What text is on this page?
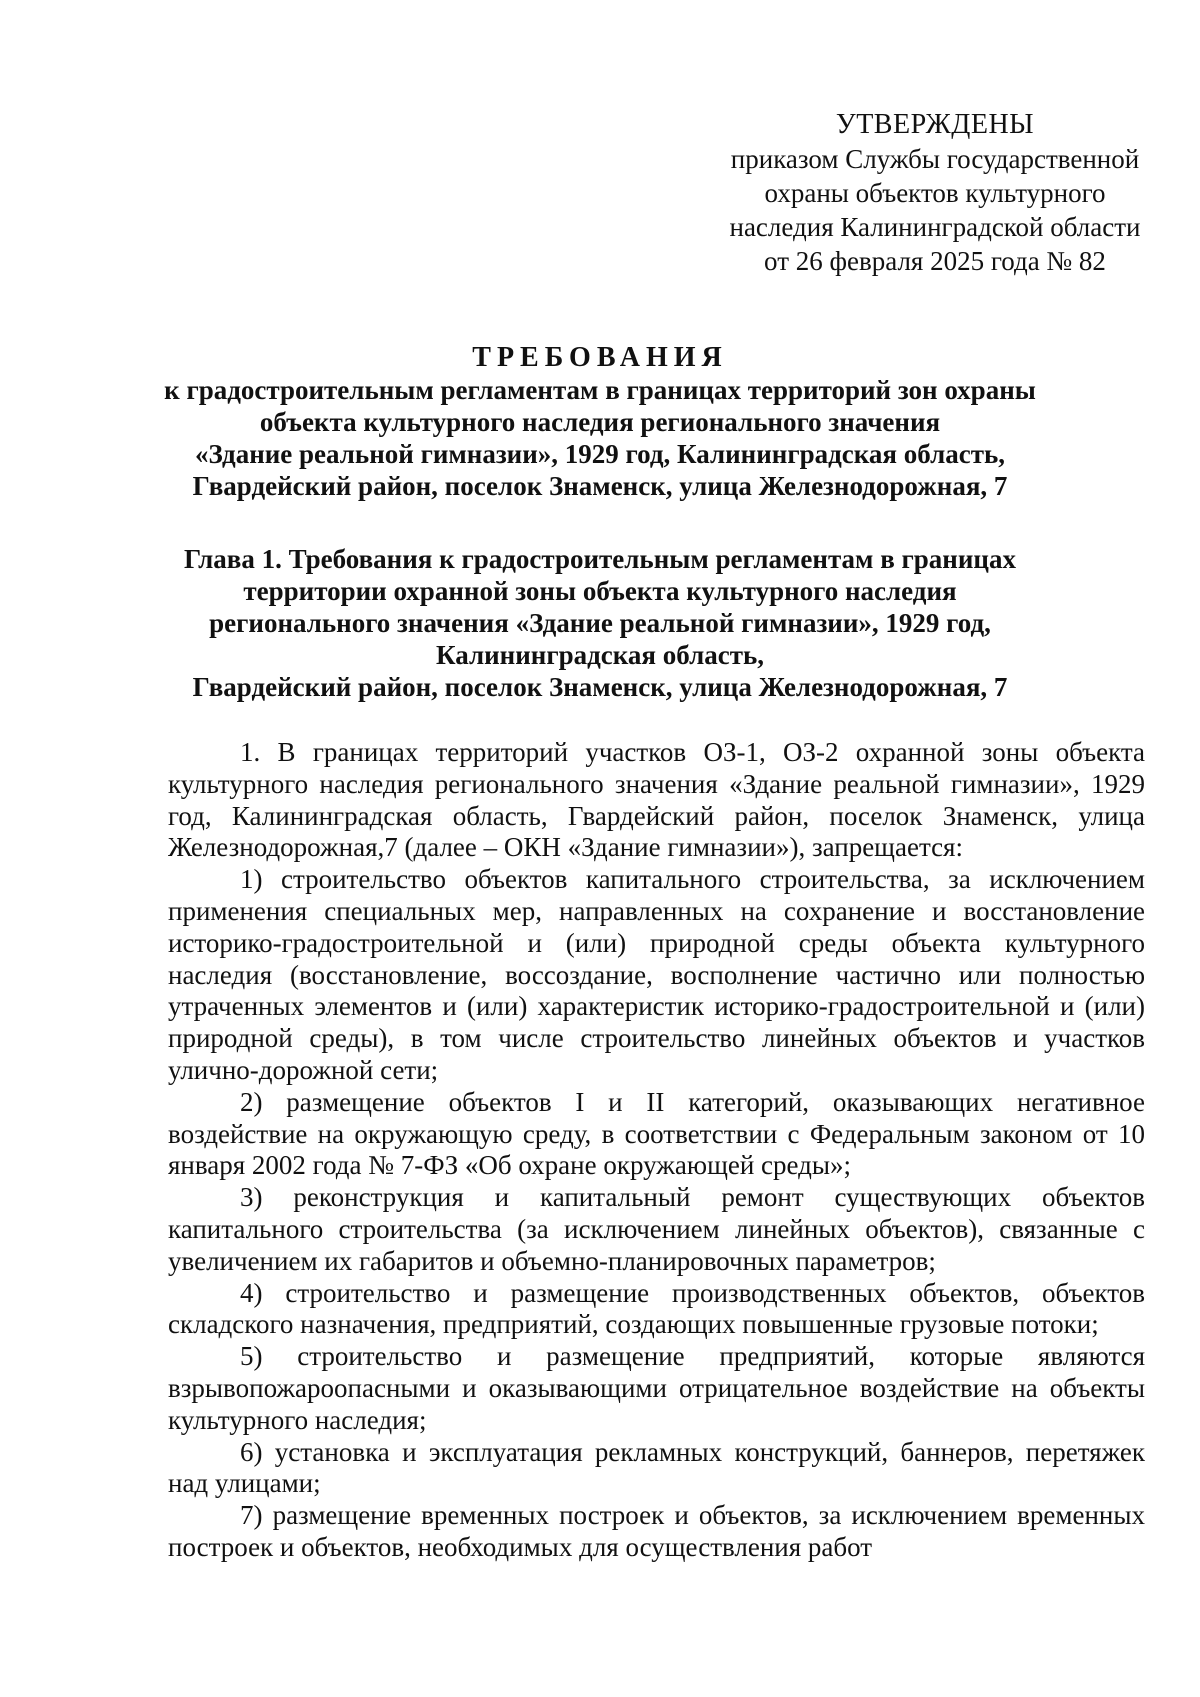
УТВЕРЖДЕНЫ
приказом Службы государственной
охраны объектов культурного
наследия Калининградской области
от 26 февраля 2025 года № 82
ТРЕБОВАНИЯ
к градостроительным регламентам в границах территорий зон охраны
объекта культурного наследия регионального значения
«Здание реальной гимназии», 1929 год, Калининградская область,
Гвардейский район, поселок Знаменск, улица Железнодорожная, 7
Глава 1. Требования к градостроительным регламентам в границах
территории охранной зоны объекта культурного наследия
регионального значения «Здание реальной гимназии», 1929 год,
Калининградская область,
Гвардейский район, поселок Знаменск, улица Железнодорожная, 7

1. В границах территорий участков ОЗ-1, ОЗ-2 охранной зоны объекта культурного наследия регионального значения «Здание реальной гимназии», 1929 год, Калининградская область, Гвардейский район, поселок Знаменск, улица Железнодорожная,7 (далее – ОКН «Здание гимназии»), запрещается:

1) строительство объектов капитального строительства, за исключением применения специальных мер, направленных на сохранение и восстановление историко-градостроительной и (или) природной среды объекта культурного наследия (восстановление, воссоздание, восполнение частично или полностью утраченных элементов и (или) характеристик историко-градостроительной и (или) природной среды), в том числе строительство линейных объектов и участков улично-дорожной сети;

2) размещение объектов I и II категорий, оказывающих негативное воздействие на окружающую среду, в соответствии с Федеральным законом от 10 января 2002 года № 7-ФЗ «Об охране окружающей среды»;

3) реконструкция и капитальный ремонт существующих объектов капитального строительства (за исключением линейных объектов), связанные с увеличением их габаритов и объемно-планировочных параметров;

4) строительство и размещение производственных объектов, объектов складского назначения, предприятий, создающих повышенные грузовые потоки;

5) строительство и размещение предприятий, которые являются взрывопожароопасными и оказывающими отрицательное воздействие на объекты культурного наследия;

6) установка и эксплуатация рекламных конструкций, баннеров, перетяжек над улицами;

7) размещение временных построек и объектов, за исключением временных построек и объектов, необходимых для осуществления работ
